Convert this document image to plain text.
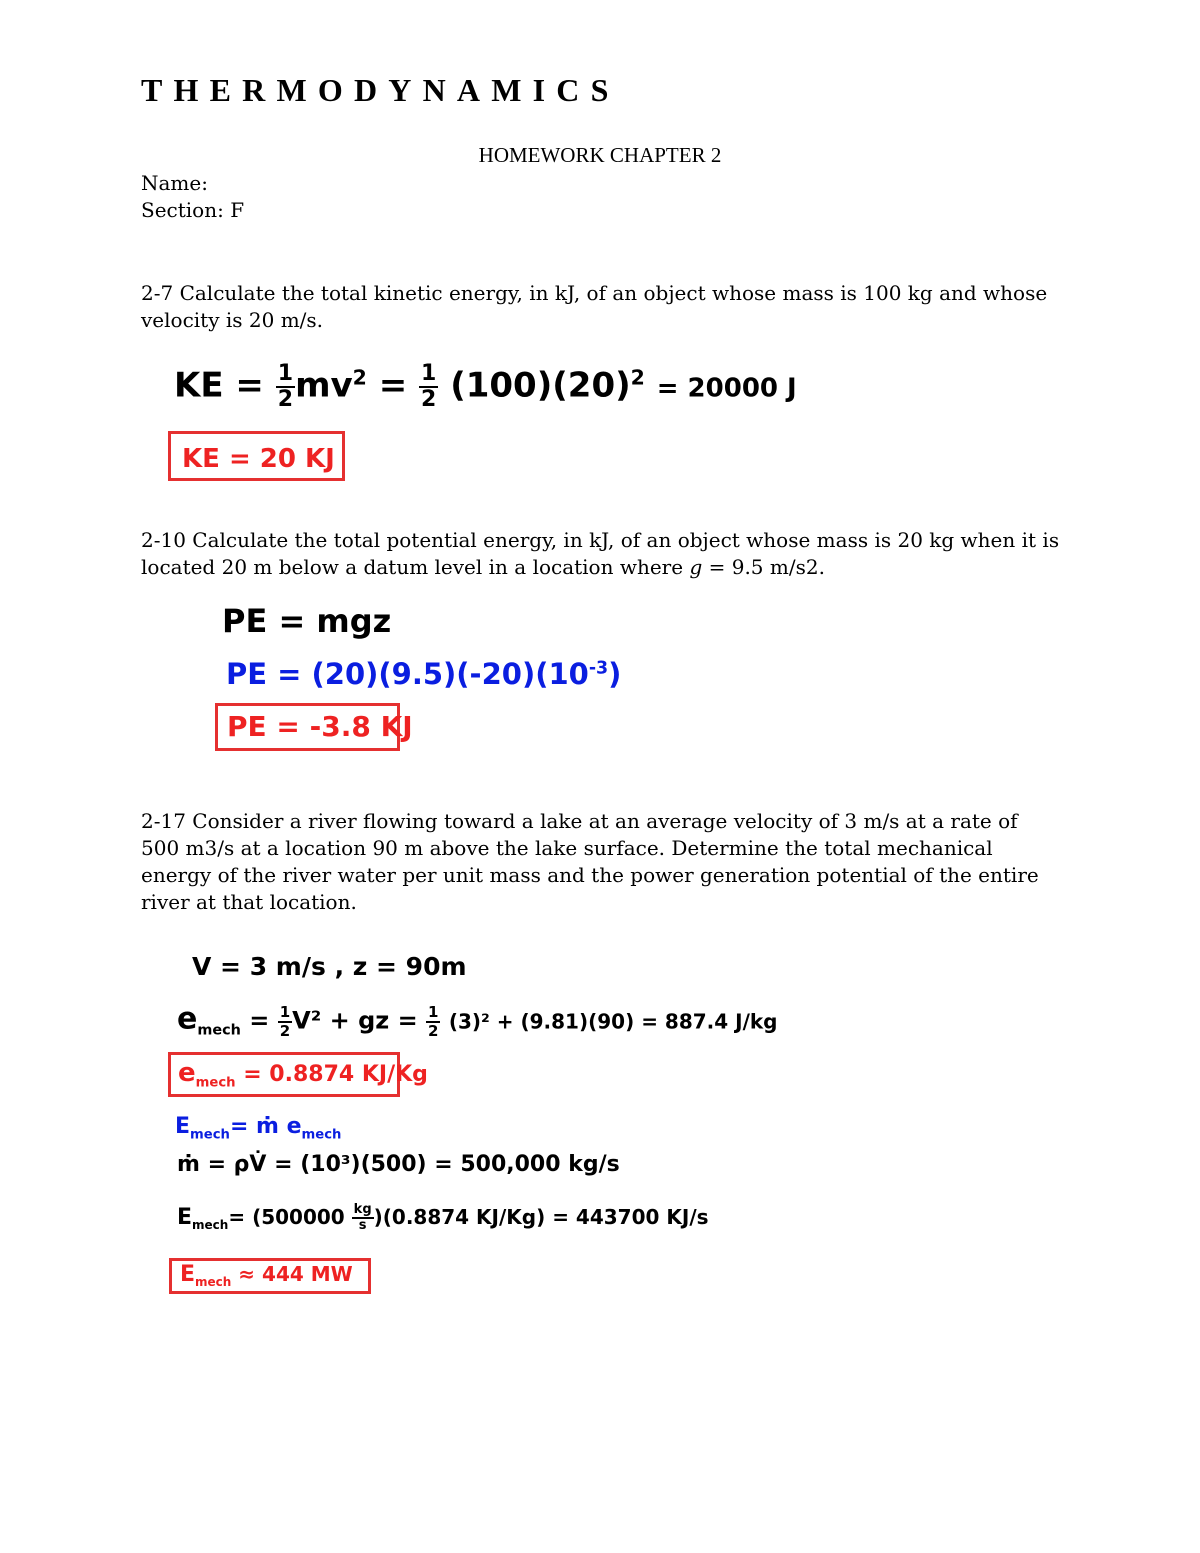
THERMODYNAMICS
HOMEWORK CHAPTER 2

Name:

Section: F

2-7 Calculate the total kinetic energy, in kJ, of an object whose mass is 100 kg and whose velocity is 20 m/s.

KE = $\frac{1}{2} mv^2 = \frac{1}{2} (100)(20)^2 = 20000$ J
KE = 20 KJ

2-10 Calculate the total potential energy, in kJ, of an object whose mass is 20 kg when it is located 20 m below a datum level in a location where g = 9.5 m/s2.

PE = mgz
PE = $(20)(9.5)(-20)(10^{-3})$
PE = -3.8 KJ

2-17 Consider a river flowing toward a lake at an average velocity of 3 m/s at a rate of 500 m3/s at a location 90 m above the lake surface. Determine the total mechanical energy of the river water per unit mass and the power generation potential of the entire river at that location.

V = 3 m/s , z = 90m
$e_{mech} = \frac{1}{2} V^2$ + gz = $\frac{1}{2} (3)^2 + (9.81)(90) = 887.4$ J/kg
$e_{mech} = 0.8874$ KJ/Kg
$E_{mech}=$ ṁ $e_{mech}$
ṁ = ρV̇ = (10³)(500) = 500,000 kg/s
$E_{mech}= (500000 \frac{kg}{s} )(0.8874$ KJ/Kg) = 443700 KJ/s
$E_{mech} \approx 444$ MW
